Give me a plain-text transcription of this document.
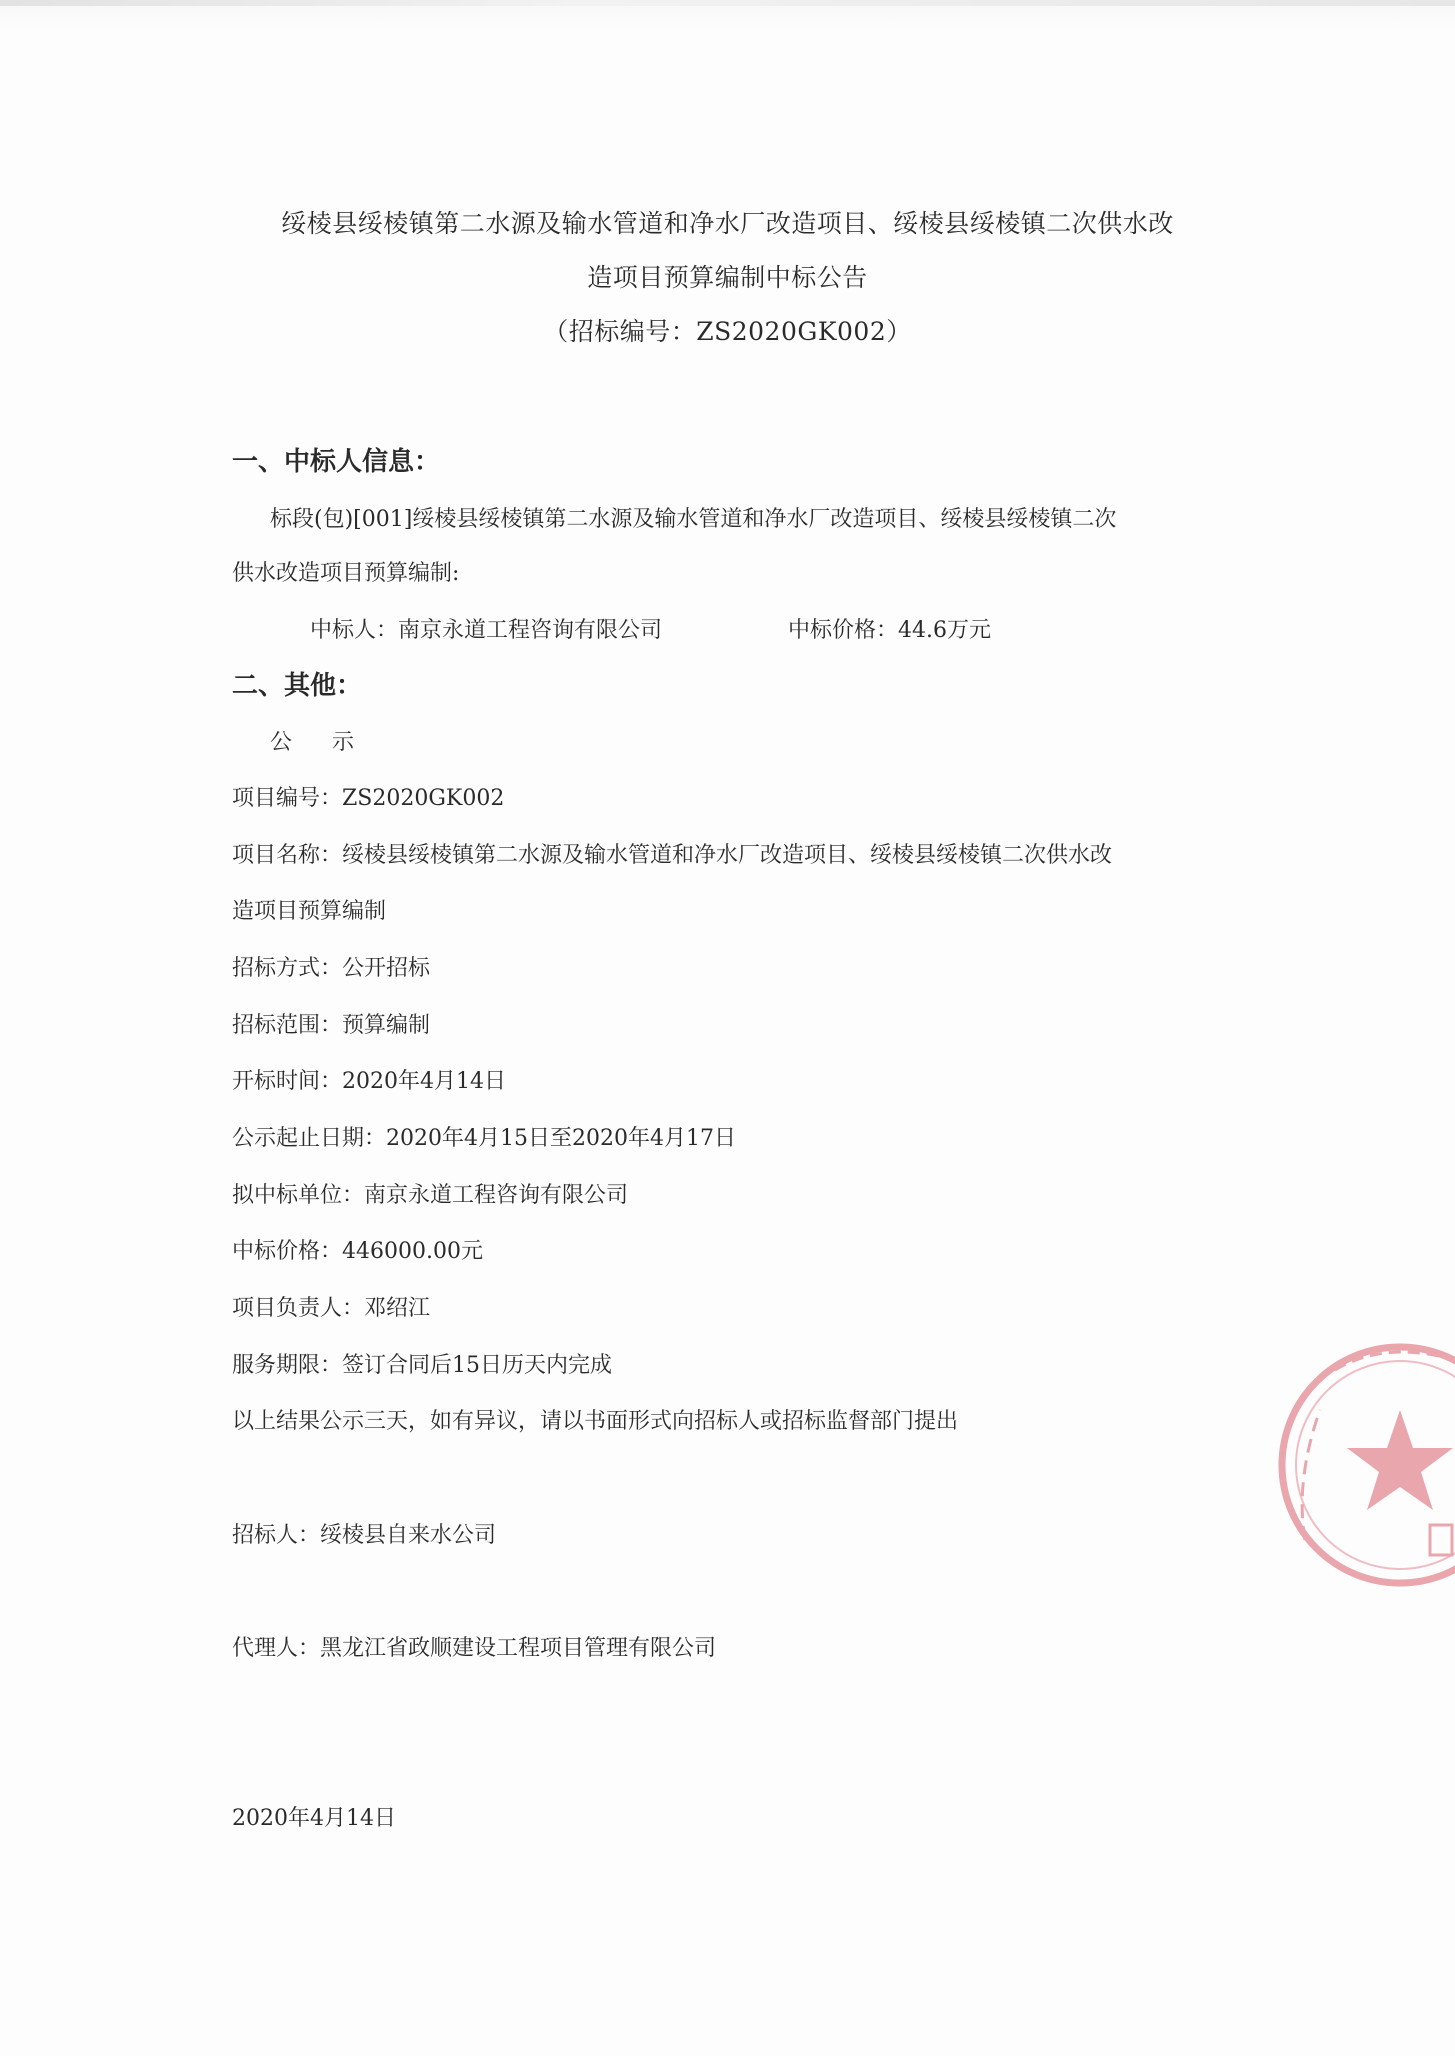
绥棱县绥棱镇第二水源及输水管道和净水厂改造项目、绥棱县绥棱镇二次供水改
造项目预算编制中标公告
（招标编号：ZS2020GK002）
一、中标人信息：
标段(包)[001]绥棱县绥棱镇第二水源及输水管道和净水厂改造项目、绥棱县绥棱镇二次
供水改造项目预算编制:
中标人：南京永道工程咨询有限公司	中标价格：44.6万元
二、其他：
公示
项目编号：ZS2020GK002
项目名称：绥棱县绥棱镇第二水源及输水管道和净水厂改造项目、绥棱县绥棱镇二次供水改
造项目预算编制
招标方式：公开招标
招标范围：预算编制
开标时间：2020年4月14日
公示起止日期：2020年4月15日至2020年4月17日
拟中标单位：南京永道工程咨询有限公司
中标价格：446000.00元
项目负责人：邓绍江
服务期限：签订合同后15日历天内完成
以上结果公示三天，如有异议，请以书面形式向招标人或招标监督部门提出
招标人：绥棱县自来水公司
代理人：黑龙江省政顺建设工程项目管理有限公司
2020年4月14日
